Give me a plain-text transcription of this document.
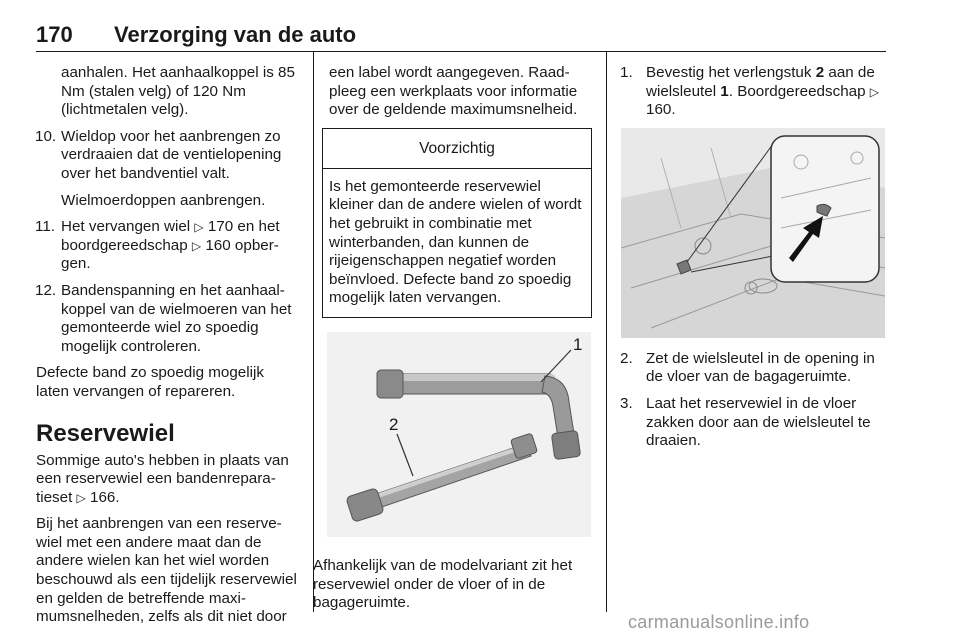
170 Verzorging van de auto

aanhalen. Het aanhaalkoppel is 85 Nm (stalen velg) of 120 Nm (lichtmetalen velg).

10. Wieldop voor het aanbrengen zo verdraaien dat de ventielopening over het bandventiel valt.

Wielmoerdoppen aanbrengen.

11. Het vervangen wiel ▷ 170 en het boordgereedschap ▷ 160 opbergen.
12. Bandenspanning en het aanhaalkoppel van de wielmoeren van het gemonteerde wiel zo spoedig mogelijk controleren.

Defecte band zo spoedig mogelijk laten vervangen of repareren.

Reservewiel

Sommige auto's hebben in plaats van een reservewiel een bandenreparatieset ▷ 166.

Bij het aanbrengen van een reservewiel met een andere maat dan de andere wielen kan het wiel worden beschouwd als een tijdelijk reservewiel en gelden de betreffende maximumsnelheden, zelfs als dit niet door

een label wordt aangegeven. Raadpleeg een werkplaats voor informatie over de geldende maximumsnelheid.

Voorzichtig
Is het gemonteerde reservewiel kleiner dan de andere wielen of wordt het gebruikt in combinatie met winterbanden, dan kunnen de rijeigenschappen negatief worden beïnvloed. Defecte band zo spoedig mogelijk laten vervangen.
1
2

Afhankelijk van de modelvariant zit het reservewiel onder de vloer of in de bagageruimte.

1. Bevestig het verlengstuk 2 aan de wielsleutel 1. Boordgereedschap ▷ 160.
2. Zet de wielsleutel in de opening in de vloer van de bagageruimte.
3. Laat het reservewiel in de vloer zakken door aan de wielsleutel te draaien.
carmanualsonline.info
